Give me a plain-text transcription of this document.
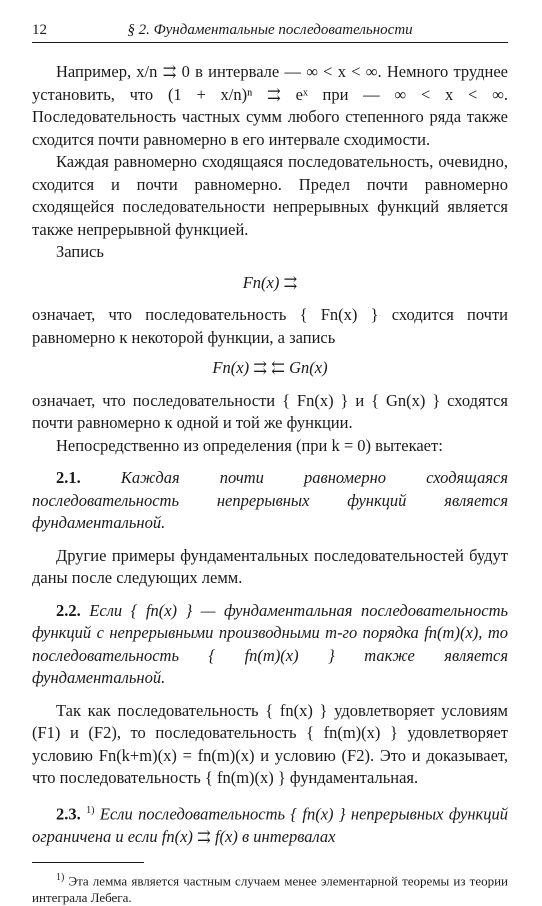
12	§ 2. Фундаментальные последовательности

Например, x/n ⇉ 0 в интервале — ∞ < x < ∞. Немного труднее установить, что (1 + x/n)ⁿ ⇉ eˣ при — ∞ < x < ∞. Последовательность частных сумм любого степенного ряда также сходится почти равномерно в его интервале сходимости.

Каждая равномерно сходящаяся последовательность, очевидно, сходится и почти равномерно. Предел почти равномерно сходящейся последовательности непрерывных функций является также непрерывной функцией.

Запись

Fn(x) ⇉

означает, что последовательность { Fn(x) } сходится почти равномерно к некоторой функции, а запись

Fn(x) ⇉ ⇇ Gn(x)

означает, что последовательности { Fn(x) } и { Gn(x) } сходятся почти равномерно к одной и той же функции.

Непосредственно из определения (при k = 0) вытекает:

2.1. Каждая почти равномерно сходящаяся последовательность непрерывных функций является фундаментальной.

Другие примеры фундаментальных последовательностей будут даны после следующих лемм.

2.2. Если { fn(x) } — фундаментальная последовательность функций с непрерывными производными m-го порядка fn(m)(x), то последовательность { fn(m)(x) } также является фундаментальной.

Так как последовательность { fn(x) } удовлетворяет условиям (F1) и (F2), то последовательность { fn(m)(x) } удовлетворяет условию Fn(k+m)(x) = fn(m)(x) и условию (F2). Это и доказывает, что последовательность { fn(m)(x) } фундаментальная.

2.3. $^{1)}$ Если последовательность { fn(x) } непрерывных функций ограничена и если fn(x) ⇉ f(x) в интервалах

$^{1)}$ Эта лемма является частным случаем менее элементарной теоремы из теории интеграла Лебега.
